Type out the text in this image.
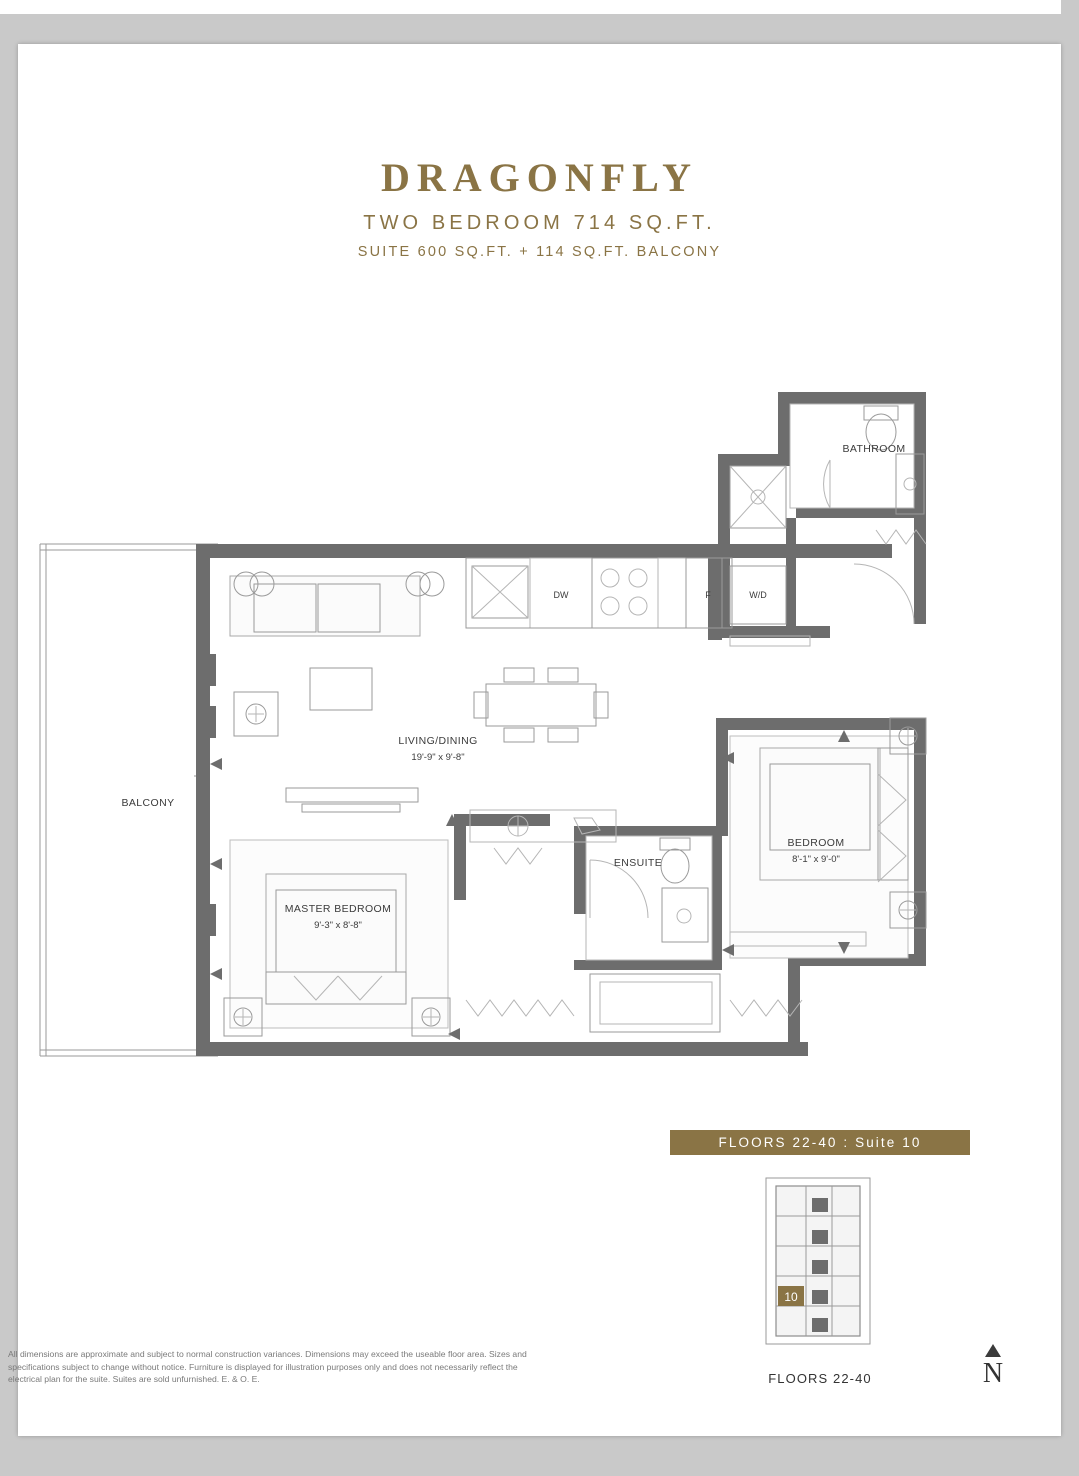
DRAGONFLY
TWO BEDROOM 714 SQ.FT.
SUITE 600 SQ.FT. + 114 SQ.FT. BALCONY
DW	F	W/D
BATHROOM
BEDROOM
8'-1" x 9'-0"
MASTER BEDROOM
9'-3" x 8'-8"
ENSUITE
BALCONY
LIVING/DINING
19'-9" x 9'-8"
FLOORS 22-40 : Suite 10
10
FLOORS 22-40	N
All dimensions are approximate and subject to normal construction variances. Dimensions may exceed the useable floor area. Sizes and specifications subject to change without notice. Furniture is displayed for illustration purposes only and does not necessarily reflect the electrical plan for the suite. Suites are sold unfurnished. E. & O. E.
